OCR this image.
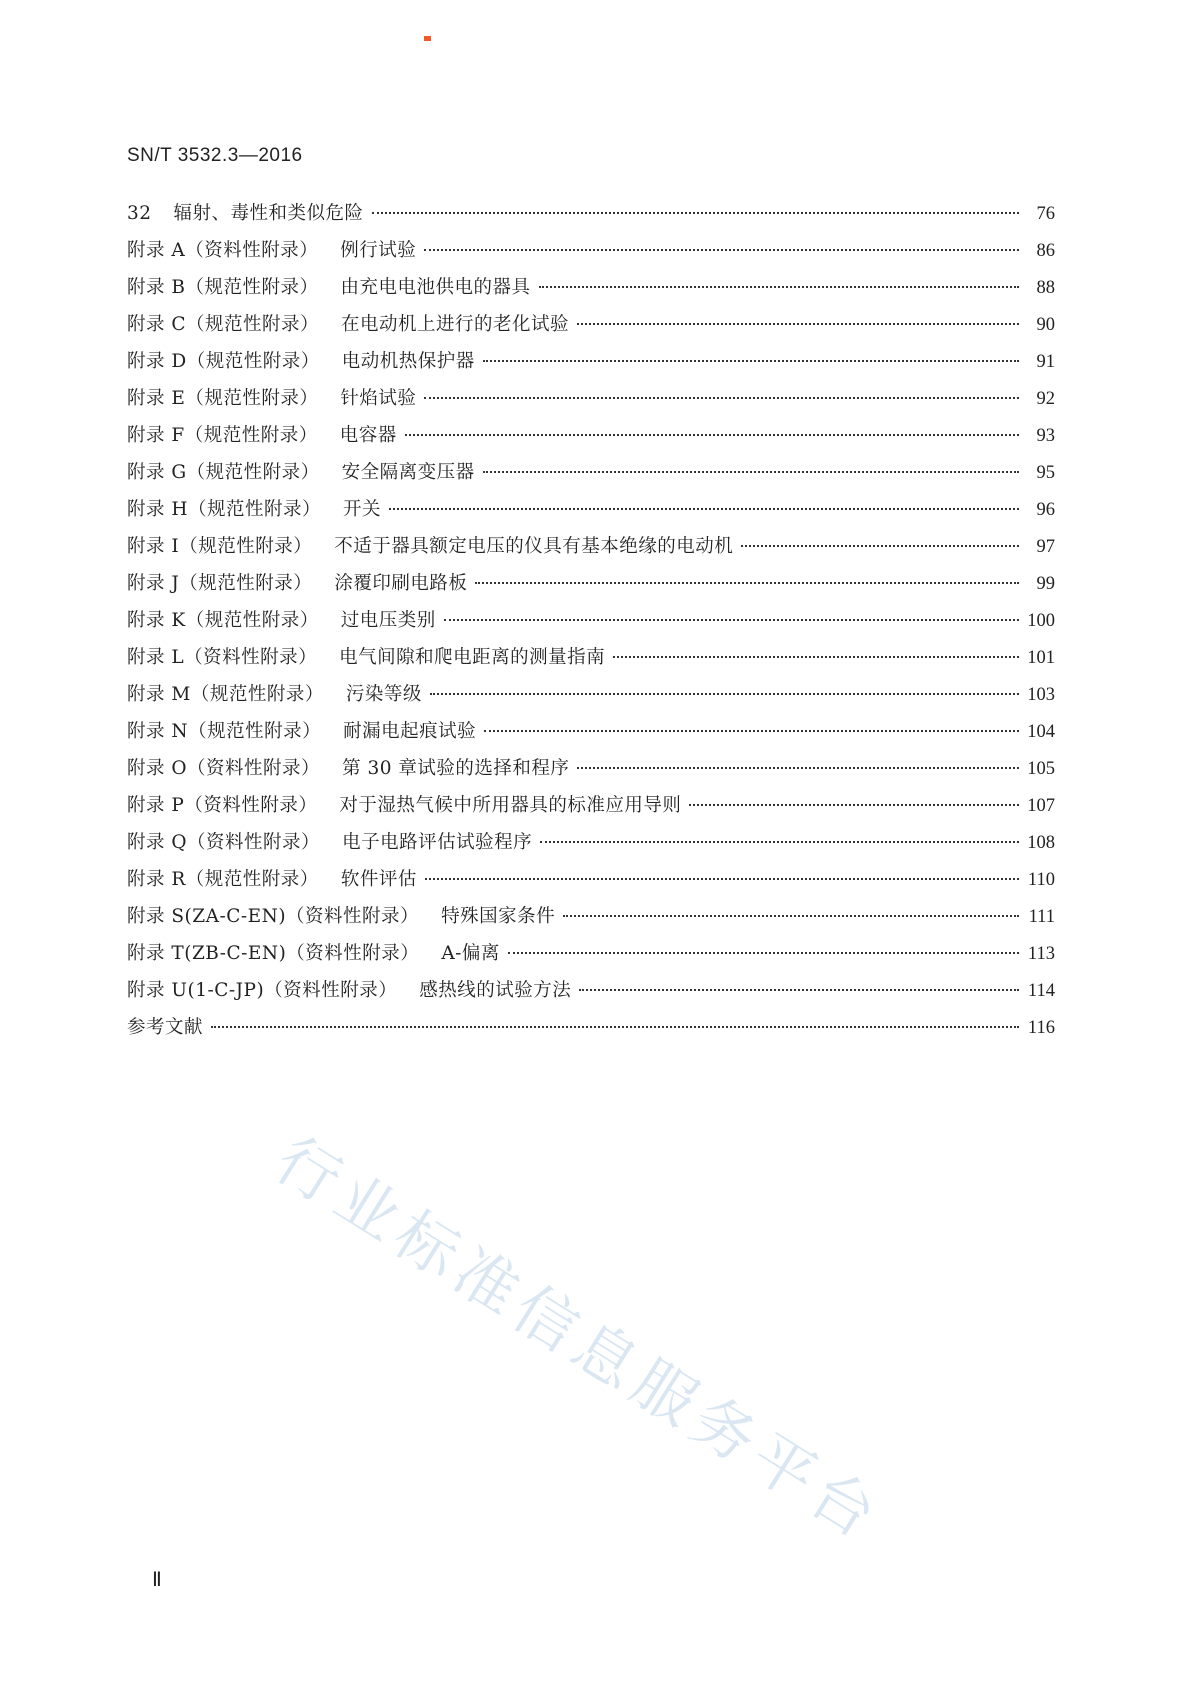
SN/T 3532.3—2016
32 辐射、毒性和类似危险	76
附录 A（资料性附录） 例行试验	86
附录 B（规范性附录） 由充电电池供电的器具	88
附录 C（规范性附录） 在电动机上进行的老化试验	90
附录 D（规范性附录） 电动机热保护器	91
附录 E（规范性附录） 针焰试验	92
附录 F（规范性附录） 电容器	93
附录 G（规范性附录） 安全隔离变压器	95
附录 H（规范性附录） 开关	96
附录 I（规范性附录） 不适于器具额定电压的仪具有基本绝缘的电动机	97
附录 J（规范性附录） 涂覆印刷电路板	99
附录 K（规范性附录） 过电压类别	100
附录 L（资料性附录） 电气间隙和爬电距离的测量指南	101
附录 M（规范性附录） 污染等级	103
附录 N（规范性附录） 耐漏电起痕试验	104
附录 O（资料性附录） 第 30 章试验的选择和程序	105
附录 P（资料性附录） 对于湿热气候中所用器具的标准应用导则	107
附录 Q（资料性附录） 电子电路评估试验程序	108
附录 R（规范性附录） 软件评估	110
附录 S(ZA-C-EN)（资料性附录） 特殊国家条件	111
附录 T(ZB-C-EN)（资料性附录） A-偏离	113
附录 U(1-C-JP)（资料性附录） 感热线的试验方法	114
参考文献	116
行业标准信息服务平台
Ⅱ
